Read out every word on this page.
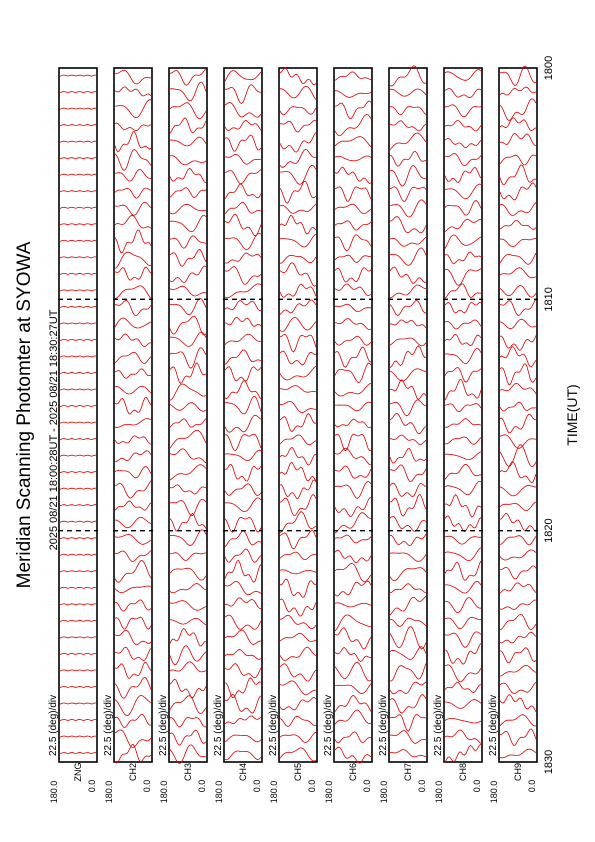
Meridian Scanning Photomter at SYOWA 2025 08/21 18:00:28UT - 2025 08/21 18:30:27UT	TIME(UT)
22.5 (deg)/div
180.0	0.0
ZNG
22.5 (deg)/div
180.0	0.0
CH2
22.5 (deg)/div
180.0	0.0
CH3
22.5 (deg)/div
180.0	0.0
CH4
22.5 (deg)/div
180.0	0.0
CH5
22.5 (deg)/div
180.0	0.0
CH6
22.5 (deg)/div
180.0	0.0
CH7
22.5 (deg)/div
180.0	0.0
CH8
22.5 (deg)/div
180.0	0.0
CH9
1800
1810
1820
1830
